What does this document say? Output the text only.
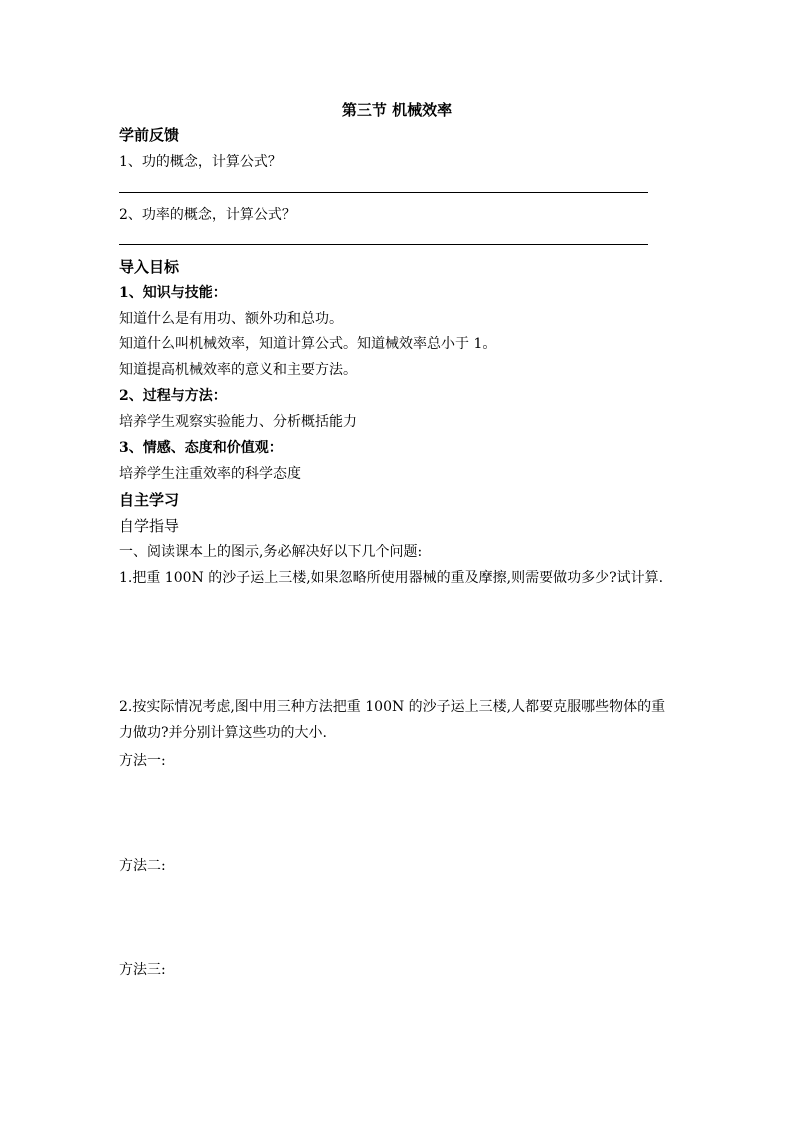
第三节 机械效率
学前反馈
1、功的概念，计算公式？
2、功率的概念，计算公式？
导入目标
1、知识与技能：
知道什么是有用功、额外功和总功。
知道什么叫机械效率，知道计算公式。知道械效率总小于 1。
知道提高机械效率的意义和主要方法。
2、过程与方法：
培养学生观察实验能力、分析概括能力
3、情感、态度和价值观：
培养学生注重效率的科学态度
自主学习
自学指导
一、阅读课本上的图示,务必解决好以下几个问题:
1.把重 100N 的沙子运上三楼,如果忽略所使用器械的重及摩擦,则需要做功多少?试计算.
2.按实际情况考虑,图中用三种方法把重 100N 的沙子运上三楼,人都要克服哪些物体的重力做功?并分别计算这些功的大小.
方法一:
方法二:
方法三:
